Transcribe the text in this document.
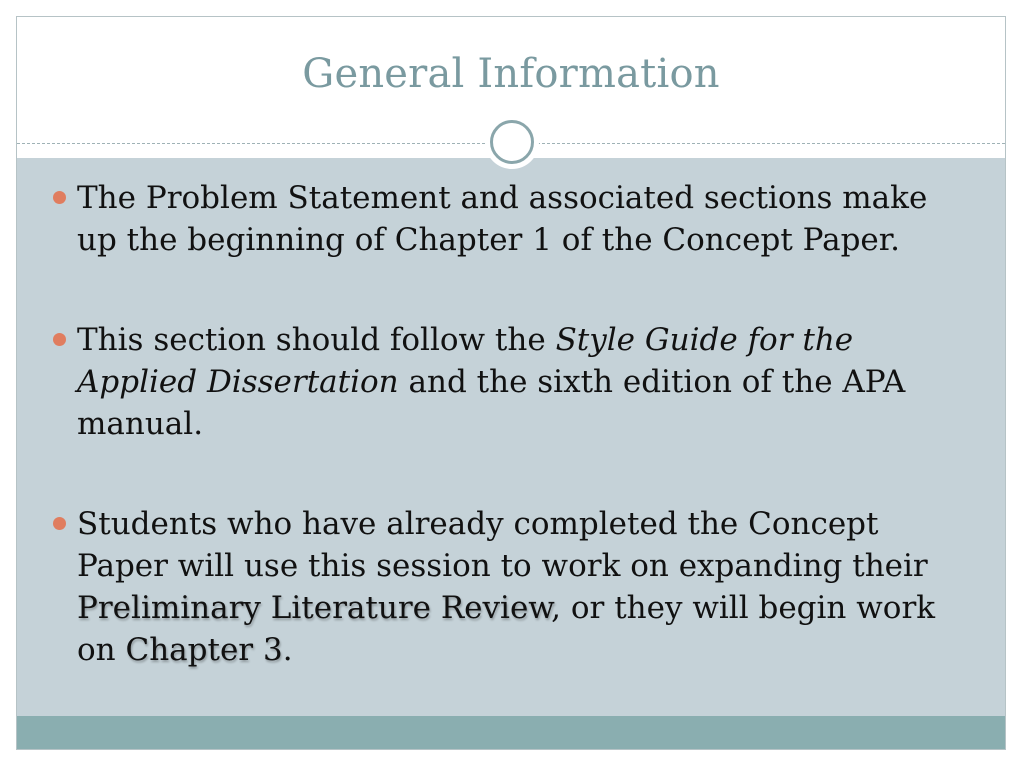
General Information
The Problem Statement and associated sections make up the beginning of Chapter 1 of the Concept Paper.
This section should follow the Style Guide for the Applied Dissertation and the sixth edition of the APA manual.
Students who have already completed the Concept Paper will use this session to work on expanding their Preliminary Literature Review, or they will begin work on Chapter 3.
